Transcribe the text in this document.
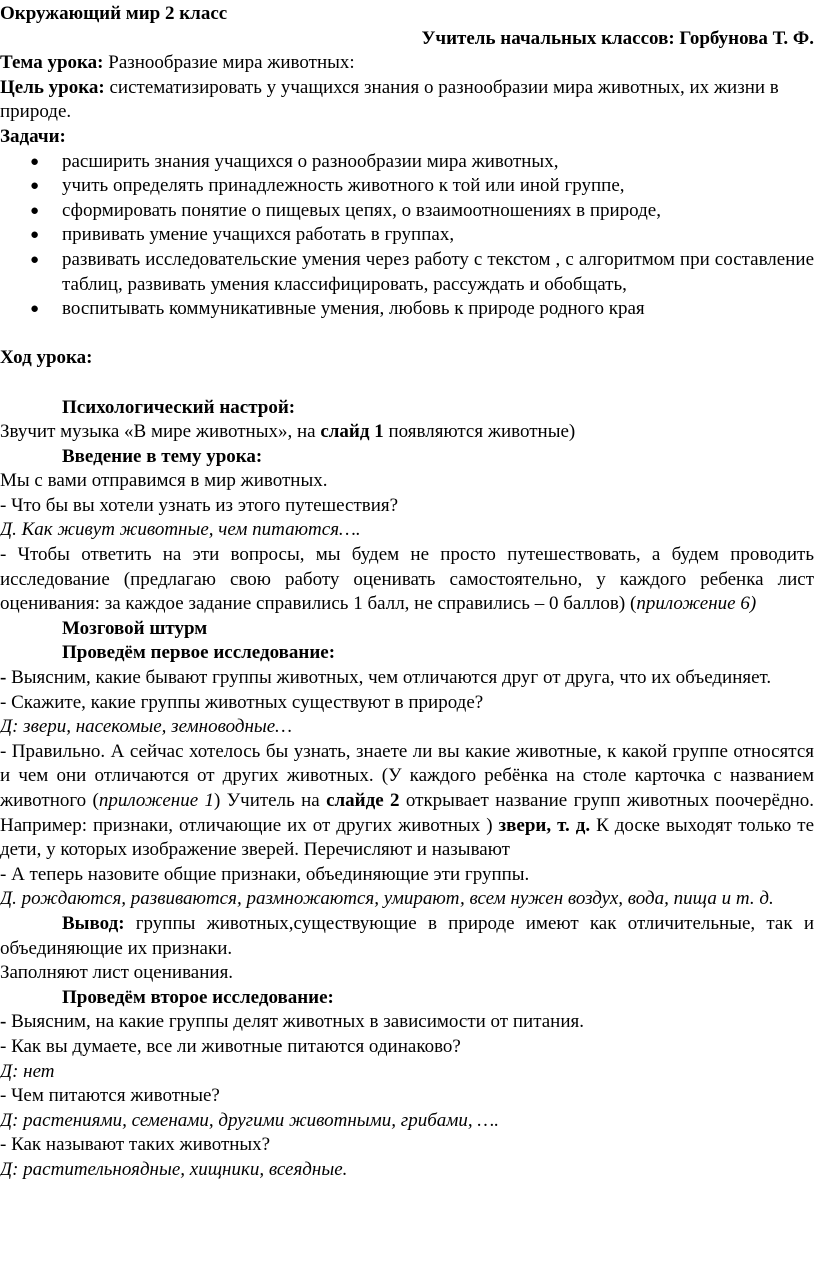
Окружающий мир 2 класс

Учитель начальных классов: Горбунова Т. Ф.

Тема урока: Разнообразие мира животных:

Цель урока: систематизировать у учащихся знания о разнообразии мира животных, их жизни в природе.

Задачи:

● расширить знания учащихся о разнообразии мира животных,
● учить определять принадлежность животного к той или иной группе,
● сформировать понятие о пищевых цепях, о взаимоотношениях в природе,
● прививать умение учащихся работать в группах,
● развивать исследовательские умения через работу с текстом , с алгоритмом при составление таблиц, развивать умения классифицировать, рассуждать и обобщать,
● воспитывать коммуникативные умения, любовь к природе родного края

Ход урока:

Психологический настрой:

Звучит музыка «В мире животных», на слайд 1 появляются животные)

Введение в тему урока:

Мы с вами отправимся в мир животных.

- Что бы вы хотели узнать из этого путешествия?

Д. Как живут животные, чем питаются….

- Чтобы ответить на эти вопросы, мы будем не просто путешествовать, а будем проводить исследование (предлагаю свою работу оценивать самостоятельно, у каждого ребенка лист оценивания: за каждое задание справились 1 балл, не справились – 0 баллов) (приложение 6)

Мозговой штурм

Проведём первое исследование:

- Выясним, какие бывают группы животных, чем отличаются друг от друга, что их объединяет.

- Скажите, какие группы животных существуют в природе?

Д: звери, насекомые, земноводные…

- Правильно. А сейчас хотелось бы узнать, знаете ли вы какие животные, к какой группе относятся и чем они отличаются от других животных. (У каждого ребёнка на столе карточка с названием животного (приложение 1) Учитель на слайде 2 открывает название групп животных поочерёдно. Например: признаки, отличающие их от других животных ) звери, т. д. К доске выходят только те дети, у которых изображение зверей. Перечисляют и называют

- А теперь назовите общие признаки, объединяющие эти группы.

Д. рождаются, развиваются, размножаются, умирают, всем нужен воздух, вода, пища и т. д.

Вывод: группы животных,существующие в природе имеют как отличительные, так и объединяющие их признаки.

Заполняют лист оценивания.

Проведём второе исследование:

- Выясним, на какие группы делят животных в зависимости от питания.

- Как вы думаете, все ли животные питаются одинаково?

Д: нет

- Чем питаются животные?

Д: растениями, семенами, другими животными, грибами, ….

- Как называют таких животных?

Д: растительноядные, хищники, всеядные.
